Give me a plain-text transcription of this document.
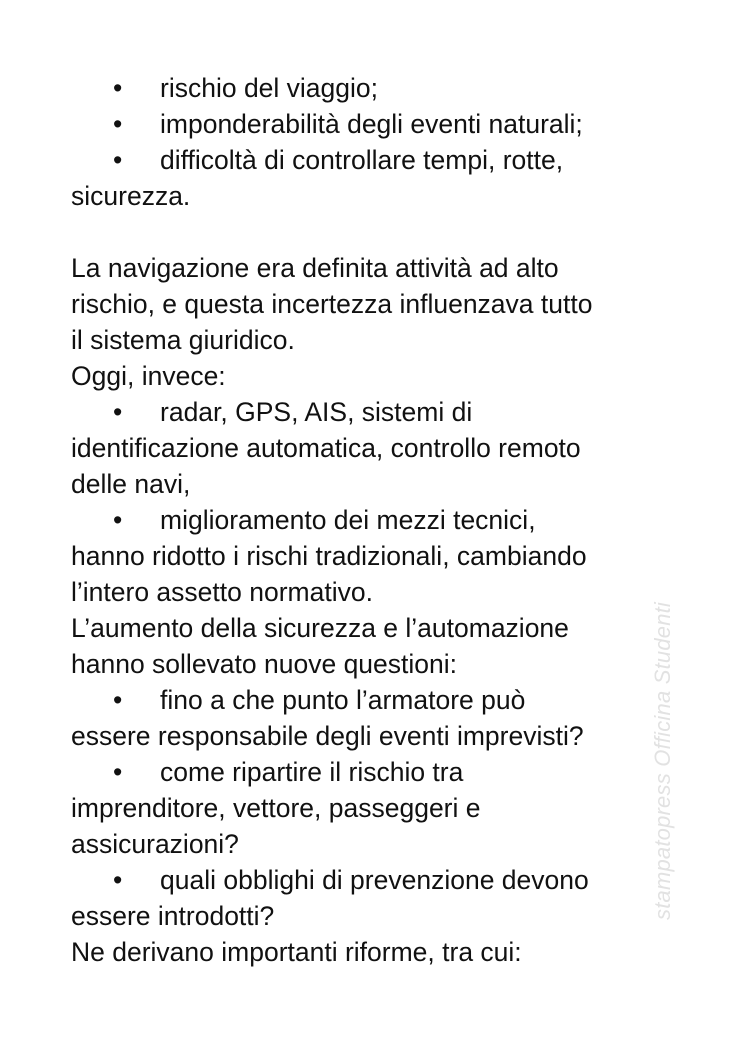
• rischio del viaggio;
• imponderabilità degli eventi naturali;
• difficoltà di controllare tempi, rotte,
sicurezza.
La navigazione era definita attività ad alto
rischio, e questa incertezza influenzava tutto
il sistema giuridico.
Oggi, invece:
• radar, GPS, AIS, sistemi di
identificazione automatica, controllo remoto
delle navi,
• miglioramento dei mezzi tecnici,
hanno ridotto i rischi tradizionali, cambiando
l’intero assetto normativo.
L’aumento della sicurezza e l’automazione
hanno sollevato nuove questioni:
• fino a che punto l’armatore può
essere responsabile degli eventi imprevisti?
• come ripartire il rischio tra
imprenditore, vettore, passeggeri e
assicurazioni?
• quali obblighi di prevenzione devono
essere introdotti?
Ne derivano importanti riforme, tra cui:
stampatopress Officina Studenti
